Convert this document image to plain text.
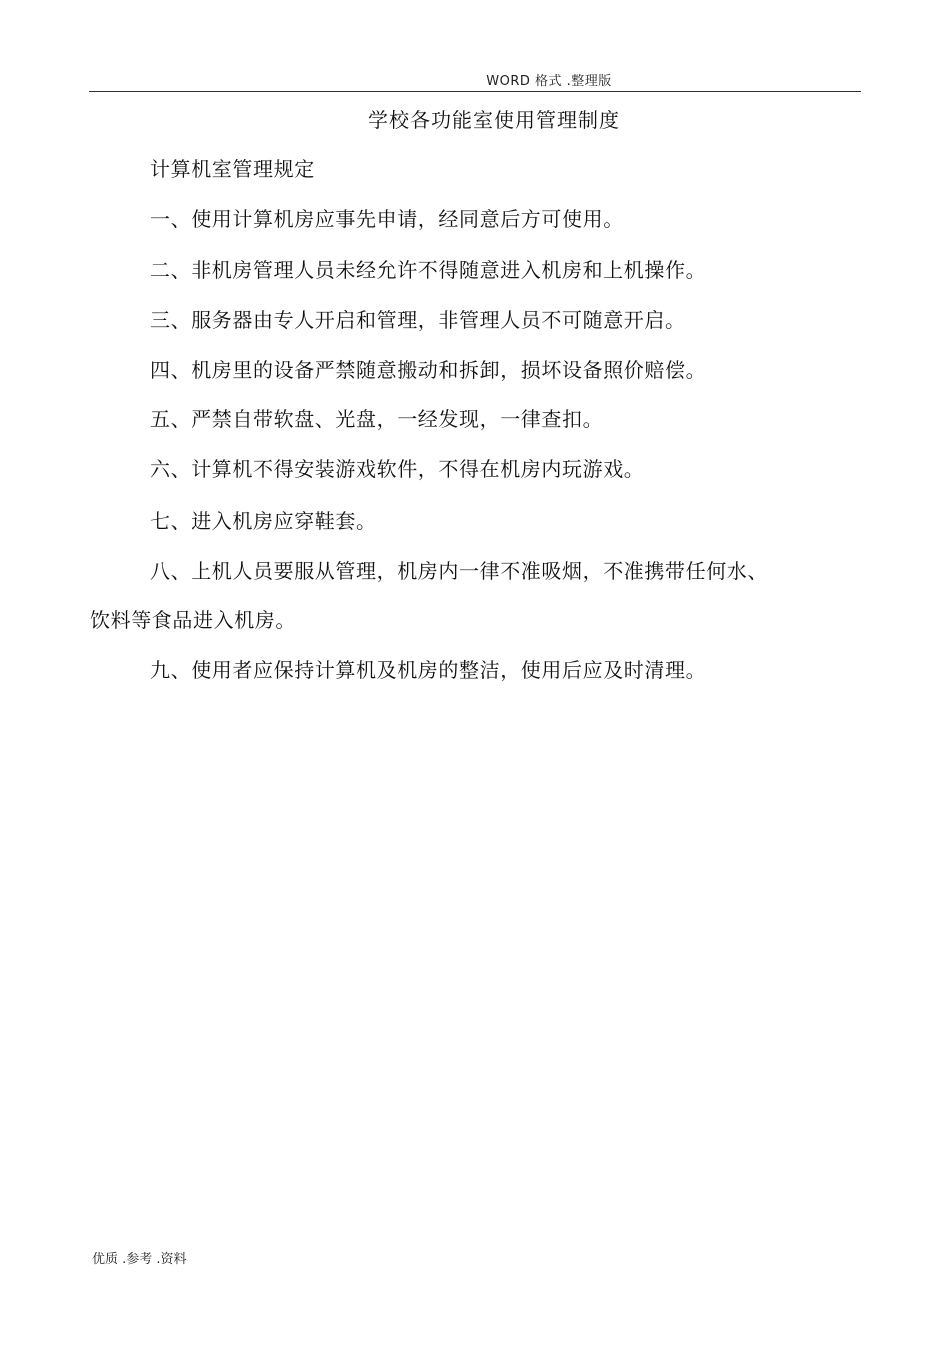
WORD 格式 .整理版
学校各功能室使用管理制度
计算机室管理规定
一、使用计算机房应事先申请，经同意后方可使用。
二、非机房管理人员未经允许不得随意进入机房和上机操作。
三、服务器由专人开启和管理，非管理人员不可随意开启。
四、机房里的设备严禁随意搬动和拆卸，损坏设备照价赔偿。
五、严禁自带软盘、光盘，一经发现，一律查扣。
六、计算机不得安装游戏软件，不得在机房内玩游戏。
七、进入机房应穿鞋套。
八、上机人员要服从管理，机房内一律不准吸烟，不准携带任何水、
饮料等食品进入机房。
九、使用者应保持计算机及机房的整洁，使用后应及时清理。
优质 .参考 .资料
